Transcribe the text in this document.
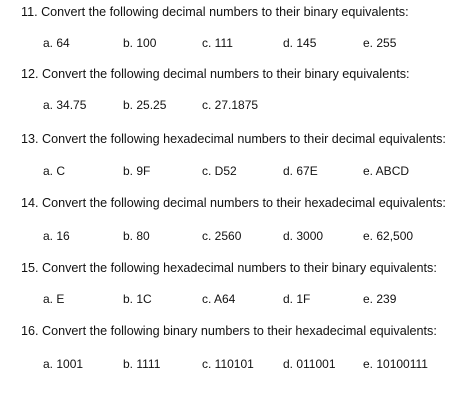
11. Convert the following decimal numbers to their binary equivalents:
a. 64	b. 100	c. 111	d. 145	e. 255
12. Convert the following decimal numbers to their binary equivalents:
a. 34.75	b. 25.25	c. 27.1875
13. Convert the following hexadecimal numbers to their decimal equivalents:
a. C	b. 9F	c. D52	d. 67E	e. ABCD
14. Convert the following decimal numbers to their hexadecimal equivalents:
a. 16	b. 80	c. 2560	d. 3000	e. 62,500
15. Convert the following hexadecimal numbers to their binary equivalents:
a. E	b. 1C	c. A64	d. 1F	e. 239
16. Convert the following binary numbers to their hexadecimal equivalents:
a. 1001	b. 1111	c. 110101 d. 011001 e. 10100111
